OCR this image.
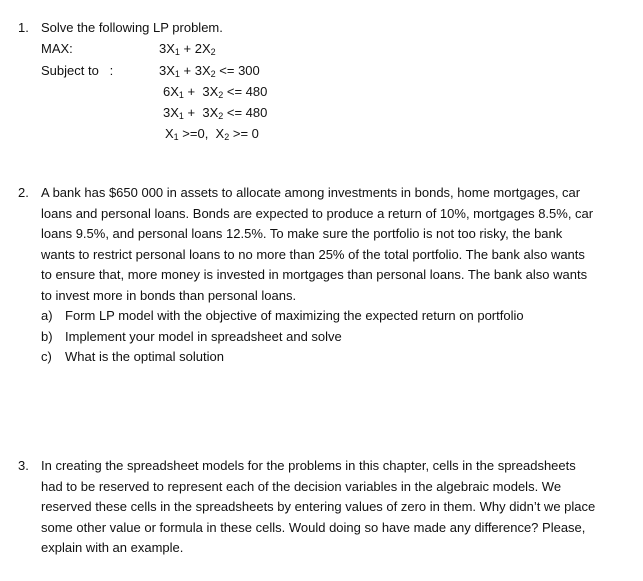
1. Solve the following LP problem.
MAX:	$3X_1 + 2X_2$
Subject to   :	$3X_1 + 3X_2 <= 300$
$6X_1 + 3X_2 <= 480$
$3X_1 + 3X_2 <= 480$
$X_1 >=0$,  $X_2 >= 0$
2. A bank has $650 000 in assets to allocate among investments in bonds, home mortgages, car
loans and personal loans. Bonds are expected to produce a return of 10%, mortgages 8.5%, car
loans 9.5%, and personal loans 12.5%. To make sure the portfolio is not too risky, the bank
wants to restrict personal loans to no more than 25% of the total portfolio. The bank also wants
to ensure that, more money is invested in mortgages than personal loans. The bank also wants
to invest more in bonds than personal loans.
a) Form LP model with the objective of maximizing the expected return on portfolio
b) Implement your model in spreadsheet and solve
c) What is the optimal solution
3. In creating the spreadsheet models for the problems in this chapter, cells in the spreadsheets
had to be reserved to represent each of the decision variables in the algebraic models. We
reserved these cells in the spreadsheets by entering values of zero in them. Why didn’t we place
some other value or formula in these cells. Would doing so have made any difference? Please,
explain with an example.
